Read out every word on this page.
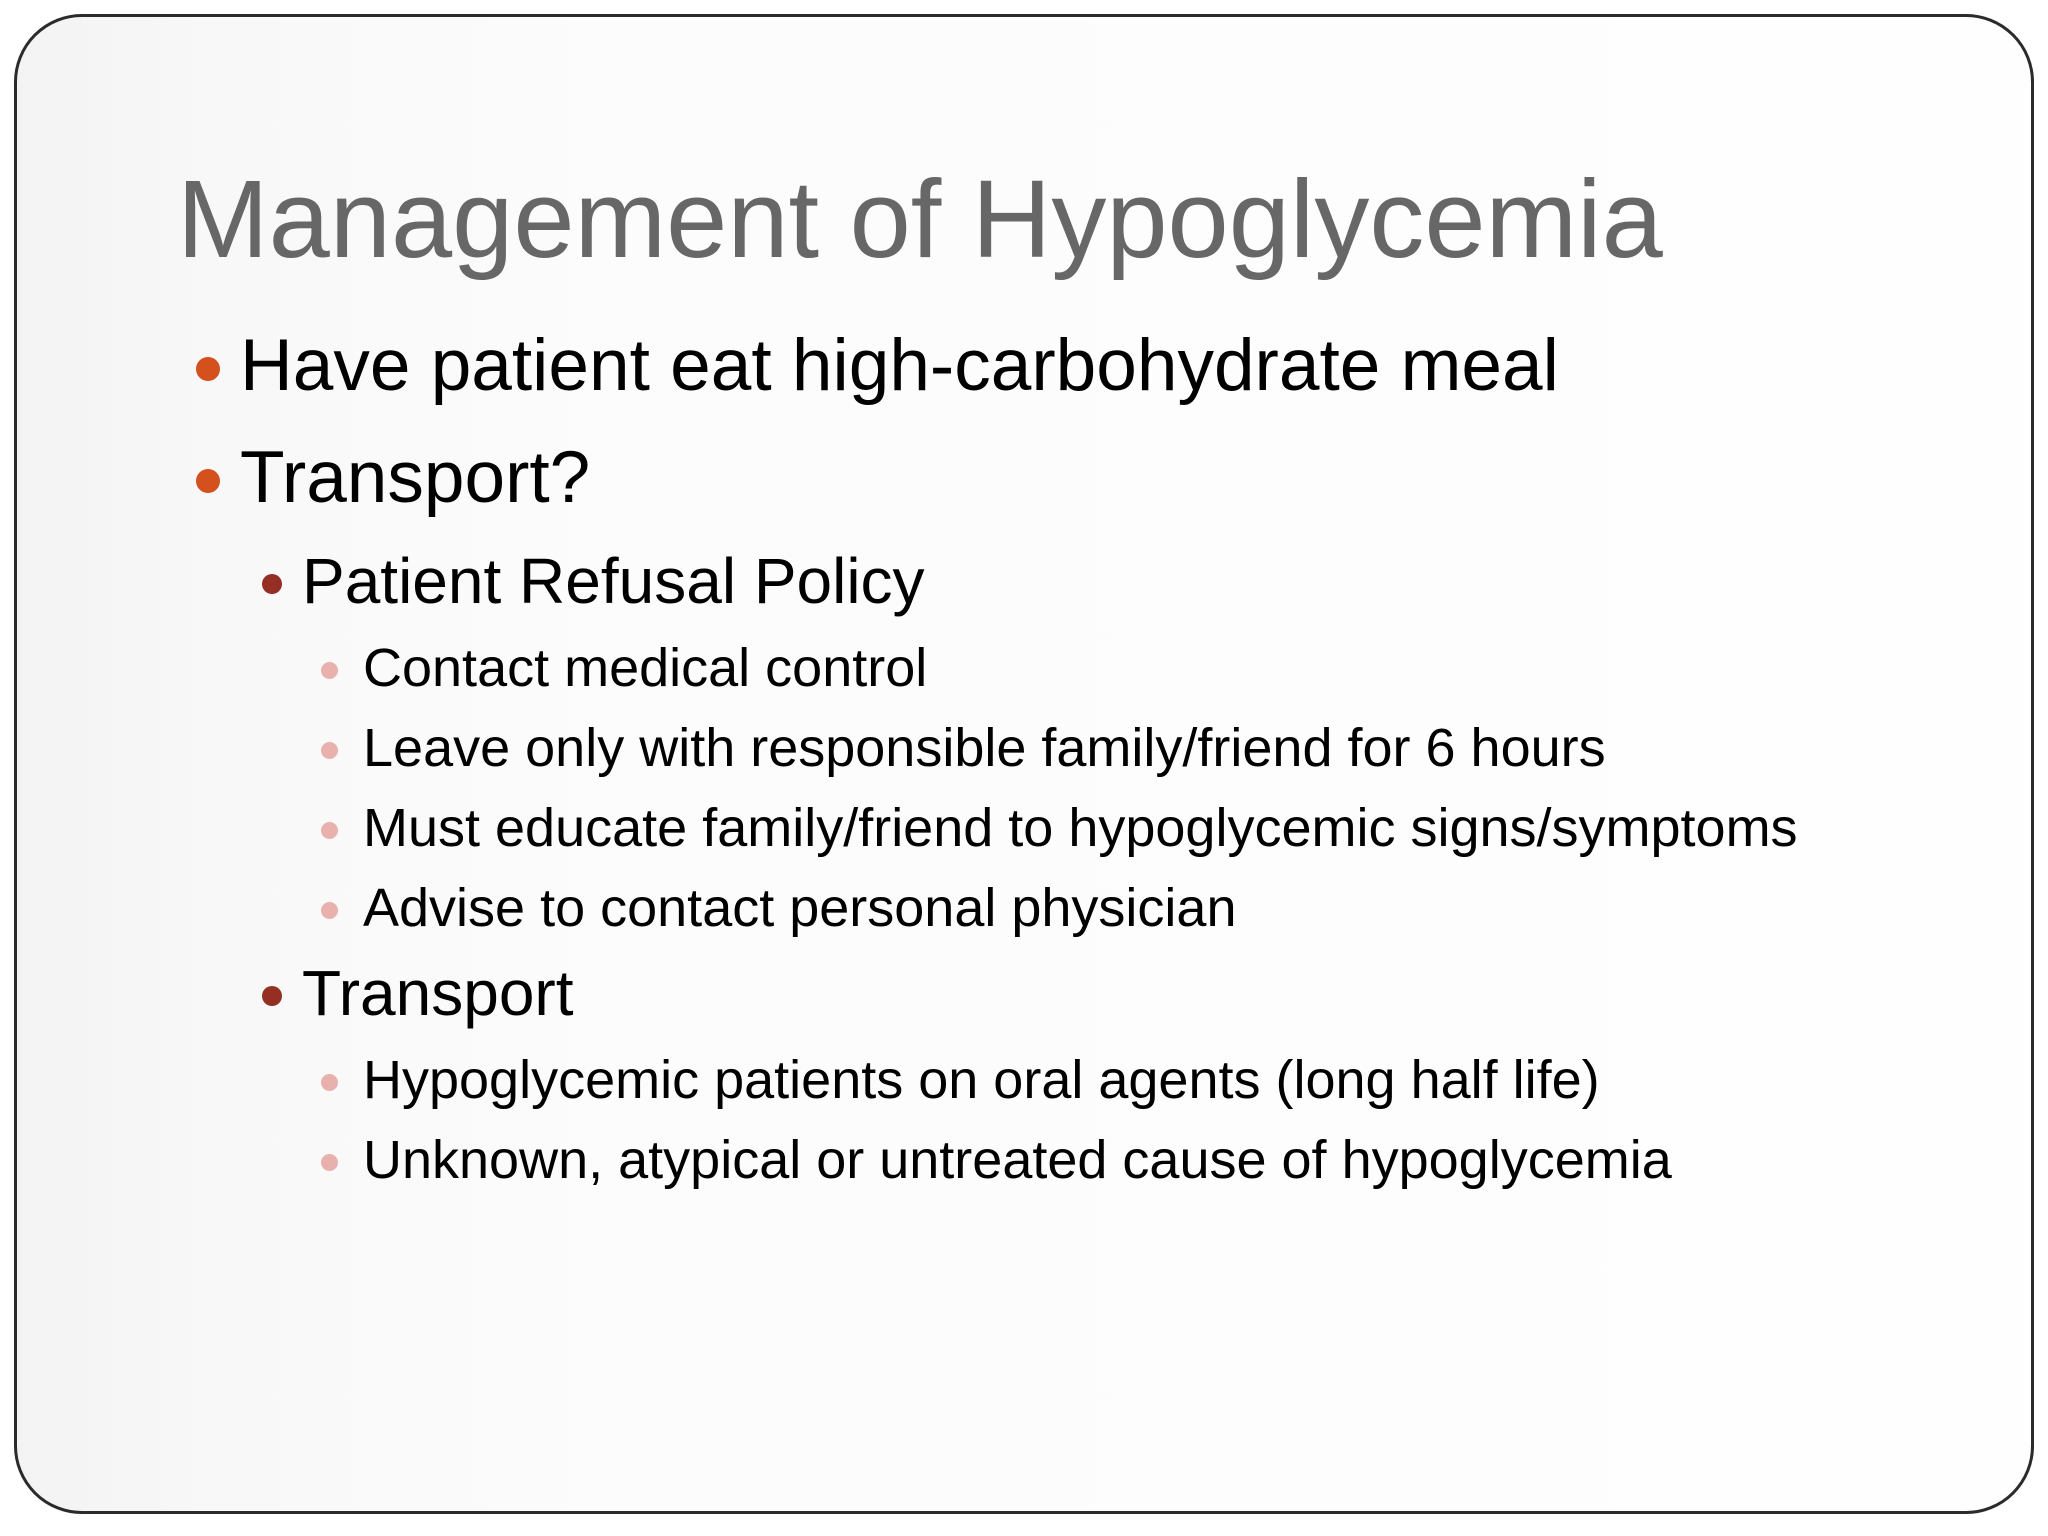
Management of Hypoglycemia
Have patient eat high-carbohydrate meal
Transport?
Patient Refusal Policy
Contact medical control
Leave only with responsible family/friend for 6 hours
Must educate family/friend to hypoglycemic signs/symptoms
Advise to contact personal physician
Transport
Hypoglycemic patients on oral agents (long half life)
Unknown, atypical or untreated cause of hypoglycemia
